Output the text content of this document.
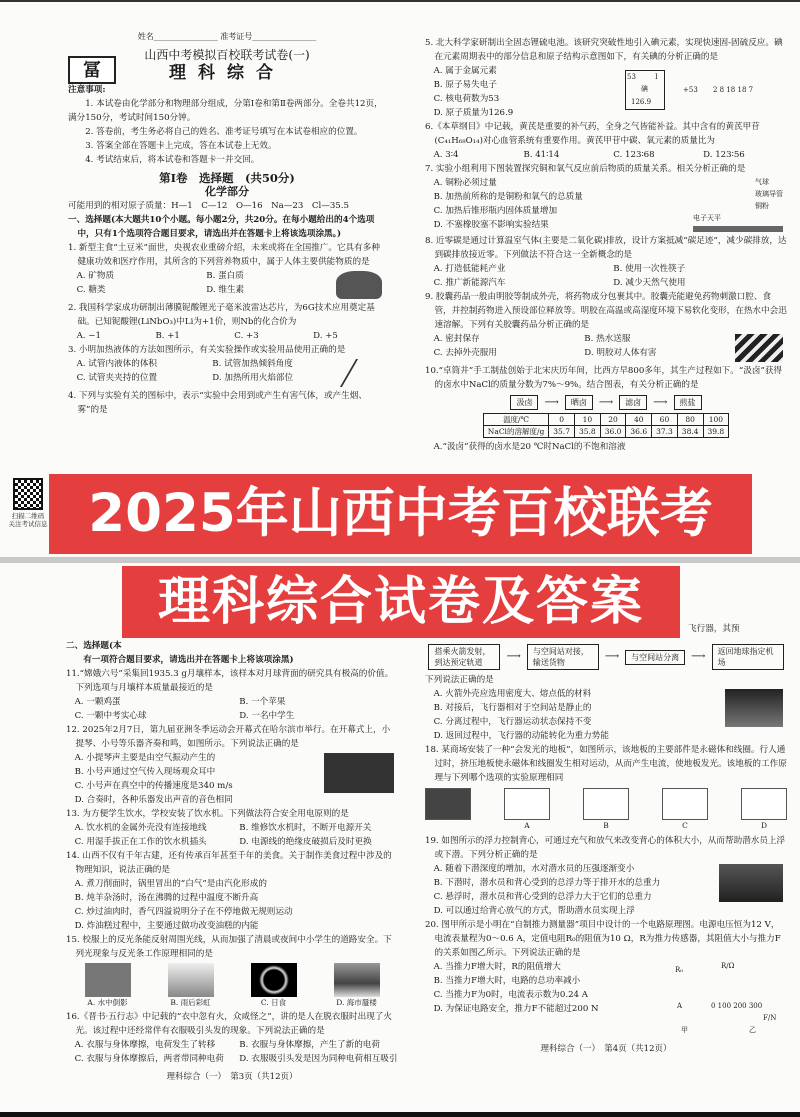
姓名________________ 准考证号________________
冨
山西中考模拟百校联考试卷(一)
理科综合
注意事项:
1. 本试卷由化学部分和物理部分组成，分第Ⅰ卷和第Ⅱ卷两部分。全卷共12页，满分150分，考试时间150分钟。
2. 答卷前，考生务必将自己的姓名、准考证号填写在本试卷相应的位置。
3. 答案全部在答题卡上完成，答在本试卷上无效。
4. 考试结束后，将本试卷和答题卡一并交回。
第Ⅰ卷　选择题　(共50分)
化学部分
可能用到的相对原子质量：H—1　C—12　O—16　Na—23　Cl—35.5
一、选择题(本大题共10个小题。每小题2分，共20分。在每小题给出的4个选项中，只有1个选项符合题目要求，请选出并在答题卡上将该选项涂黑。)
1. 新型主食“土豆米”面世，央视农业重磅介绍，未来或将在全国推广。它具有多种健康功效和医疗作用，其所含的下列营养物质中，属于人体主要供能物质的是
A. 矿物质	B. 蛋白质
C. 糖类	D. 维生素
2. 我国科学家成功研制出薄膜铌酸锂光子毫米波雷达芯片，为6G技术应用奠定基础。已知铌酸锂(LiNbO₃)中Li为+1价，则Nb的化合价为
A. −1	B. +1	C. +3	D. +5
3. 小明加热液体的方法如图所示，有关实验操作或实验用品使用正确的是
A. 试管内液体的体积	B. 试管加热倾斜角度
C. 试管夹夹持的位置	D. 加热所用火焰部位
4. 下列与实验有关的图标中，表示“实验中会用到或产生有害气体，或产生烟、雾”的是
5. 北大科学家研制出全固态锂硫电池。该研究突破性地引入碘元素，实现快速固-固硫反应。碘在元素周期表中的部分信息和原子结构示意图如下，有关碘的分析正确的是
53	I
碘
126.9
+53 2 8 18 18 7
A. 属于金属元素
B. 原子易失电子
C. 核电荷数为53
D. 原子质量为126.9
6.《本草纲目》中记载，黄芪是重要的补气药，全身之气皆能补益。其中含有的黄芪甲苷(C₄₁H₆₈O₁₄)对心血管系统有重要作用。黄芪甲苷中碳、氧元素的质量比为
A. 3∶4	B. 41∶14	C. 123∶68	D. 123∶56
7. 实验小组利用下图装置探究铜和氧气反应前后物质的质量关系。相关分析正确的是
气球
玻璃导管
铜粉
电子天平
A. 铜粉必须过量
B. 加热前所称的是铜粉和氧气的总质量
C. 加热后锥形瓶内固体质量增加
D. 不塞橡胶塞不影响实验结果
8. 近零碳是通过计算温室气体(主要是二氧化碳)排放，设计方案抵减“碳足迹”，减少碳排放，达到碳排放接近零。下列做法不符合这一全新概念的是
A. 打造低能耗产业	B. 使用一次性筷子
C. 推广新能源汽车	D. 减少天然气使用
9. 胶囊药品一般由明胶等制成外壳，将药物成分包裹其中。胶囊壳能避免药物刺激口腔、食管，并控制药物进入预设部位释放等。明胶在高温或高湿度环境下易软化变形，在热水中会迅速溶解。下列有关胶囊药品分析正确的是
A. 密封保存	B. 热水送服
C. 去掉外壳服用	D. 明胶对人体有害
10.“卓筒井”手工制盐创始于北宋庆历年间，比西方早800多年，其生产过程如下。“汲卤”获得的卤水中NaCl的质量分数为7%～9%。结合图表，有关分析正确的是
汲卤	⟶	晒卤	⟶	滤卤	⟶	煎盐
温度/℃	0	10	20	40	60	80	100
NaCl的溶解度/g	35.7	35.8	36.0	36.6	37.3	38.4	39.8
A.“汲卤”获得的卤水是20 ℃时NaCl的不饱和溶液
扫描二维码
关注考试信息 2025年山西中考百校联考
理科综合试卷及答案
二、选择题(本
有一项符合题目要求，请选出并在答题卡上将该项涂黑)
11.“嫦娥六号”采集回1935.3 g月壤样本，该样本对月球背面的研究具有极高的价值。下列选项与月壤样本质量最接近的是
A. 一颗鸡蛋	B. 一个苹果
C. 一颗中考实心球	D. 一名中学生
12. 2025年2月7日，第九届亚洲冬季运动会开幕式在哈尔滨市举行。在开幕式上，小提琴、小号等乐器齐奏和鸣，如图所示。下列说法正确的是
A. 小提琴声主要是由空气振动产生的
B. 小号声通过空气传入现场观众耳中
C. 小号声在真空中的传播速度是340 m/s
D. 合奏时，各种乐器发出声音的音色相同
13. 为方便学生饮水，学校安装了饮水机。下列做法符合安全用电原则的是
A. 饮水机的金属外壳没有连接地线	B. 维修饮水机时，不断开电源开关
C. 用湿手拔正在工作的饮水机插头	D. 电源线的绝缘皮破损后及时更换
14. 山西不仅有千年古建，还有传承百年甚至千年的美食。关于制作美食过程中涉及的物理知识，说法正确的是
A. 煮刀削面时，锅里冒出的“白气”是由汽化形成的
B. 炖羊杂汤时，汤在沸腾的过程中温度不断升高
C. 炒过油肉时，香气四溢说明分子在不停地做无规则运动
D. 炸油糕过程中，主要通过做功改变油糕的内能
15. 校服上的反光条能反射周围光线，从而加强了清晨或夜间中小学生的道路安全。下列光现象与反光条工作原理相同的是
A. 水中倒影	B. 雨后彩虹	C. 日食	D. 海市蜃楼
16.《晋书·五行志》中记载的“衣中忽有火，众咸怪之”，讲的是人在脱衣服时出现了火光。该过程中还经常伴有衣服吸引头发的现象。下列说法正确的是
A. 衣服与身体摩擦，电荷发生了转移	B. 衣服与身体摩擦，产生了新的电荷
C. 衣服与身体摩擦后，两者带同种电荷	D. 衣服吸引头发是因为同种电荷相互吸引
理科综合（一）　第3页（共12页）
搭乘火箭发射，到达预定轨道
⟶	与空间站对接，输送货物
⟶	与空间站分离	⟶	返回地球指定机场
下列说法正确的是
A. 火箭外壳应选用密度大、熔点低的材料
B. 对接后，飞行器相对于空间站是静止的
C. 分离过程中，飞行器运动状态保持不变
D. 返回过程中，飞行器的动能转化为重力势能
18. 某商场安装了一种“会发光的地板”，如图所示，该地板的主要部件是永磁体和线圈。行人通过时，挤压地板使永磁体和线圈发生相对运动，从而产生电流，使地板发光。该地板的工作原理与下列哪个选项的实验原理相同
A	B	C	D
19. 如图所示的浮力控制背心，可通过充气和放气来改变背心的体积大小，从而帮助潜水员上浮或下潜。下列分析正确的是
A. 随着下潜深度的增加，水对潜水员的压强逐渐变小
B. 下潜时，潜水员和背心受到的总浮力等于排开水的总重力
C. 悬浮时，潜水员和背心受到的总浮力大于它们的总重力
D. 可以通过给背心放气的方式，帮助潜水员实现上浮
20. 图甲所示是小明在“自制推力测量器”项目中设计的一个电路原理图。电源电压恒为12 V，电流表量程为0～0.6 A，定值电阻R₀的阻值为10 Ω，R为推力传感器，其阻值大小与推力F的关系如图乙所示。下列说法正确的是
甲	乙
R/Ω
F/N
0 100 200 300
R₀
A
A. 当推力F增大时，R的阻值增大
B. 当推力F增大时，电路的总功率减小
C. 当推力F为0时，电流表示数为0.24 A
D. 为保证电路安全，推力F不能超过200 N
理科综合（一）　第4页（共12页）
飞行器，其预
